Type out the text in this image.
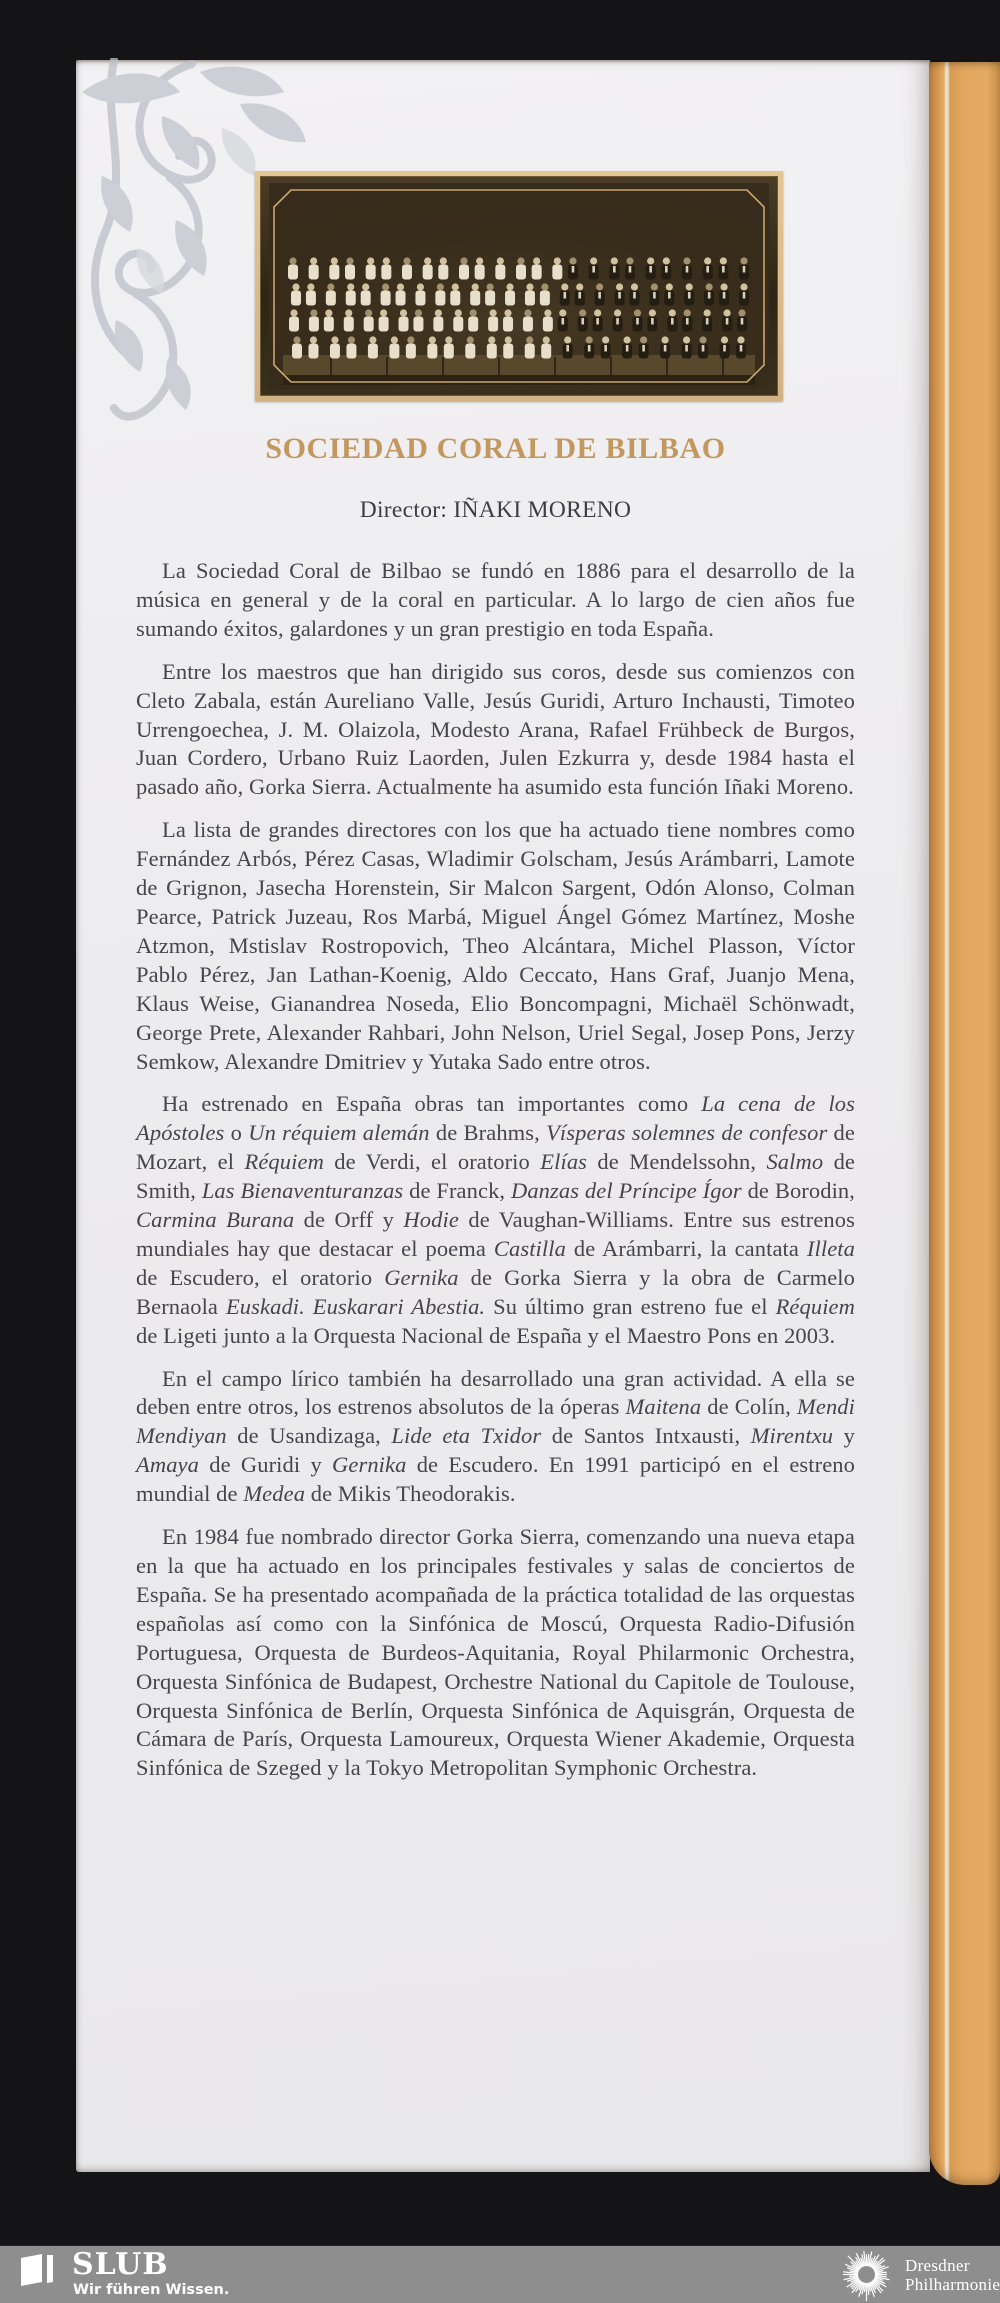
SOCIEDAD CORAL DE BILBAO
Director: IÑAKI MORENO

La Sociedad Coral de Bilbao se fundó en 1886 para el desarrollo de la música en general y de la coral en particular. A lo largo de cien años fue sumando éxitos, galardones y un gran prestigio en toda España.

Entre los maestros que han dirigido sus coros, desde sus comienzos con Cleto Zabala, están Aureliano Valle, Jesús Guridi, Arturo Inchausti, Timoteo Urrengoechea, J. M. Olaizola, Modesto Arana, Rafael Frühbeck de Burgos, Juan Cordero, Urbano Ruiz Laorden, Julen Ezkurra y, desde 1984 hasta el pasado año, Gorka Sierra. Actualmente ha asumido esta función Iñaki Moreno.

La lista de grandes directores con los que ha actuado tiene nombres como Fernández Arbós, Pérez Casas, Wladimir Golscham, Jesús Arámbarri, Lamote de Grignon, Jasecha Horenstein, Sir Malcon Sargent, Odón Alonso, Colman Pearce, Patrick Juzeau, Ros Marbá, Miguel Ángel Gómez Martínez, Moshe Atzmon, Mstislav Rostropovich, Theo Alcántara, Michel Plasson, Víctor Pablo Pérez, Jan Lathan-Koenig, Aldo Ceccato, Hans Graf, Juanjo Mena, Klaus Weise, Gianandrea Noseda, Elio Boncompagni, Michaël Schönwadt, George Prete, Alexander Rahbari, John Nelson, Uriel Segal, Josep Pons, Jerzy Semkow, Alexandre Dmitriev y Yutaka Sado entre otros.

Ha estrenado en España obras tan importantes como La cena de los Apóstoles o Un réquiem alemán de Brahms, Vísperas solemnes de confesor de Mozart, el Réquiem de Verdi, el oratorio Elías de Mendelssohn, Salmo de Smith, Las Bienaventuranzas de Franck, Danzas del Príncipe Ígor de Borodin, Carmina Burana de Orff y Hodie de Vaughan-Williams. Entre sus estrenos mundiales hay que destacar el poema Castilla de Arámbarri, la cantata Illeta de Escudero, el oratorio Gernika de Gorka Sierra y la obra de Carmelo Bernaola Euskadi. Euskarari Abestia. Su último gran estreno fue el Réquiem de Ligeti junto a la Orquesta Nacional de España y el Maestro Pons en 2003.

En el campo lírico también ha desarrollado una gran actividad. A ella se deben entre otros, los estrenos absolutos de la óperas Maitena de Colín, Mendi Mendiyan de Usandizaga, Lide eta Txidor de Santos Intxausti, Mirentxu y Amaya de Guridi y Gernika de Escudero. En 1991 participó en el estreno mundial de Medea de Mikis Theodorakis.

En 1984 fue nombrado director Gorka Sierra, comenzando una nueva etapa en la que ha actuado en los principales festivales y salas de conciertos de España. Se ha presentado acompañada de la práctica totalidad de las orquestas españolas así como con la Sinfónica de Moscú, Orquesta Radio-Difusión Portuguesa, Orquesta de Burdeos-Aquitania, Royal Philarmonic Orchestra, Orquesta Sinfónica de Budapest, Orchestre National du Capitole de Toulouse, Orquesta Sinfónica de Berlín, Orquesta Sinfónica de Aquisgrán, Orquesta de Cámara de París, Orquesta Lamoureux, Orquesta Wiener Akademie, Orquesta Sinfónica de Szeged y la Tokyo Metropolitan Symphonic Orchestra.

SLUB
Wir führen Wissen.
Dresdner
Philharmonie
